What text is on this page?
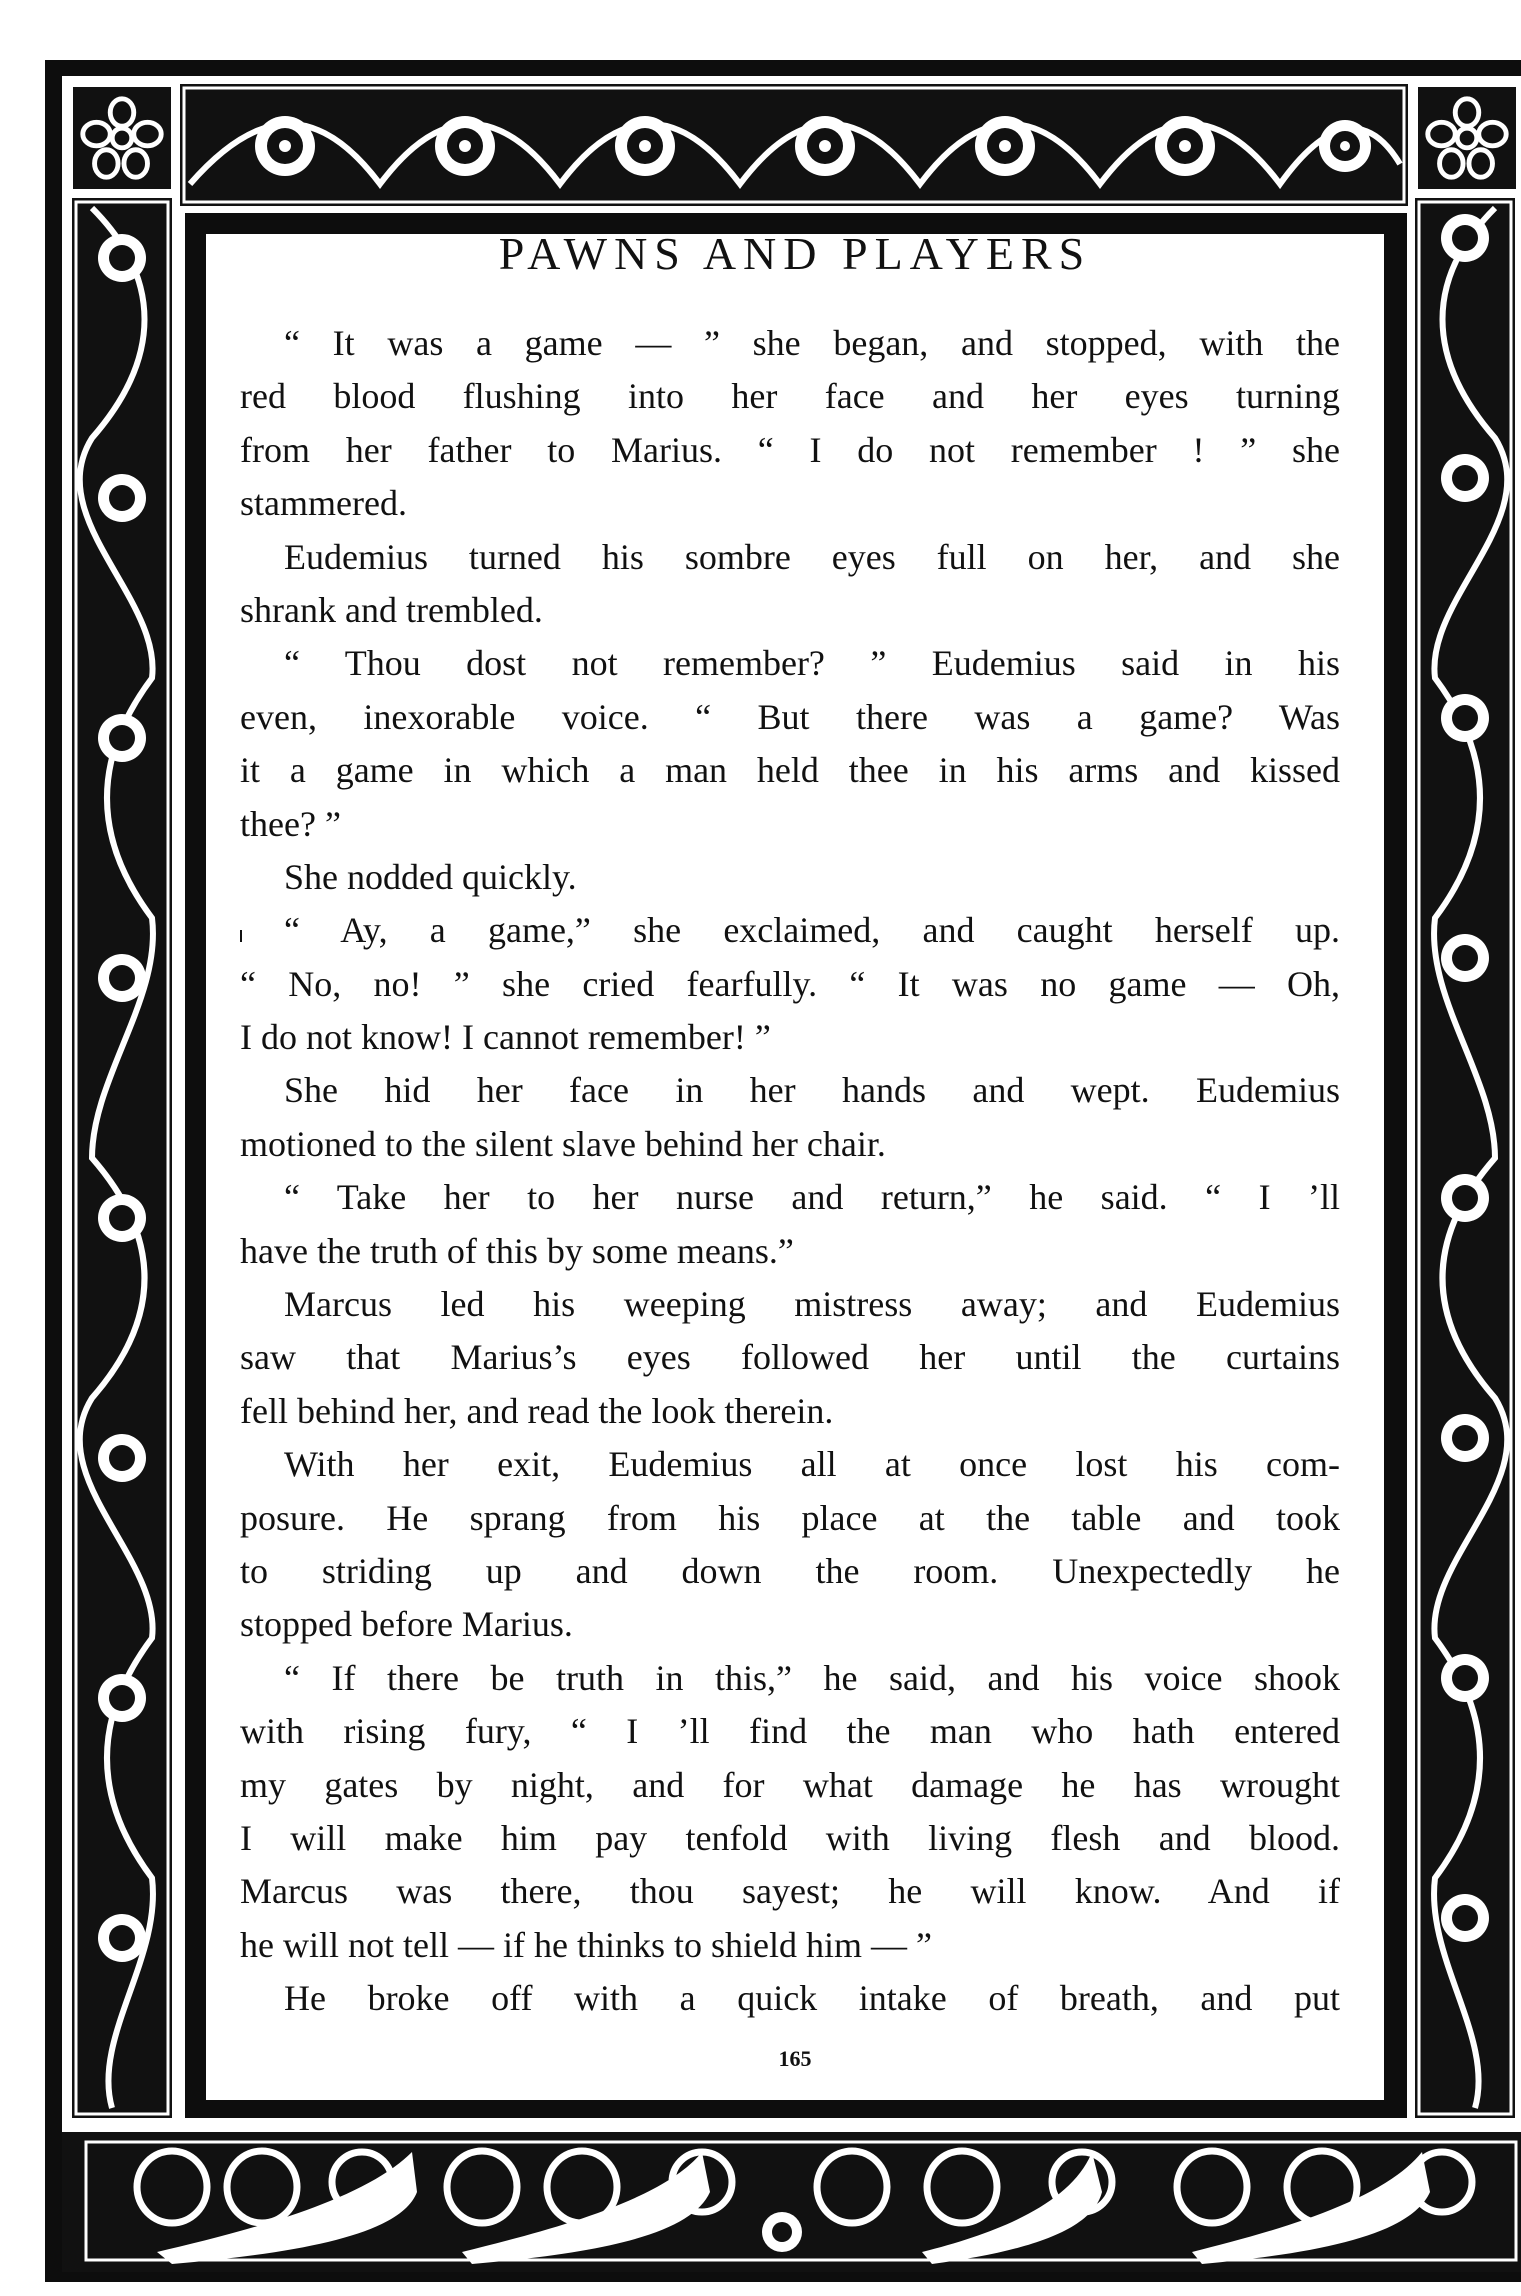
PAWNS AND PLAYERS
“ It was a game — ” she began, and stopped, with the
red blood flushing into her face and her eyes turning
from her father to Marius. “ I do not remember ! ” she
stammered.
Eudemius turned his sombre eyes full on her, and she
shrank and trembled.
“ Thou dost not remember? ” Eudemius said in his
even, inexorable voice. “ But there was a game? Was
it a game in which a man held thee in his arms and kissed
thee? ”
She nodded quickly.
“ Ay, a game,” she exclaimed, and caught herself up.
“ No, no! ” she cried fearfully. “ It was no game — Oh,
I do not know! I cannot remember! ”
She hid her face in her hands and wept. Eudemius
motioned to the silent slave behind her chair.
“ Take her to her nurse and return,” he said. “ I ’ll
have the truth of this by some means.”
Marcus led his weeping mistress away; and Eudemius
saw that Marius’s eyes followed her until the curtains
fell behind her, and read the look therein.
With her exit, Eudemius all at once lost his com-
posure. He sprang from his place at the table and took
to striding up and down the room. Unexpectedly he
stopped before Marius.
“ If there be truth in this,” he said, and his voice shook
with rising fury, “ I ’ll find the man who hath entered
my gates by night, and for what damage he has wrought
I will make him pay tenfold with living flesh and blood.
Marcus was there, thou sayest; he will know. And if
he will not tell — if he thinks to shield him — ”
He broke off with a quick intake of breath, and put
165
